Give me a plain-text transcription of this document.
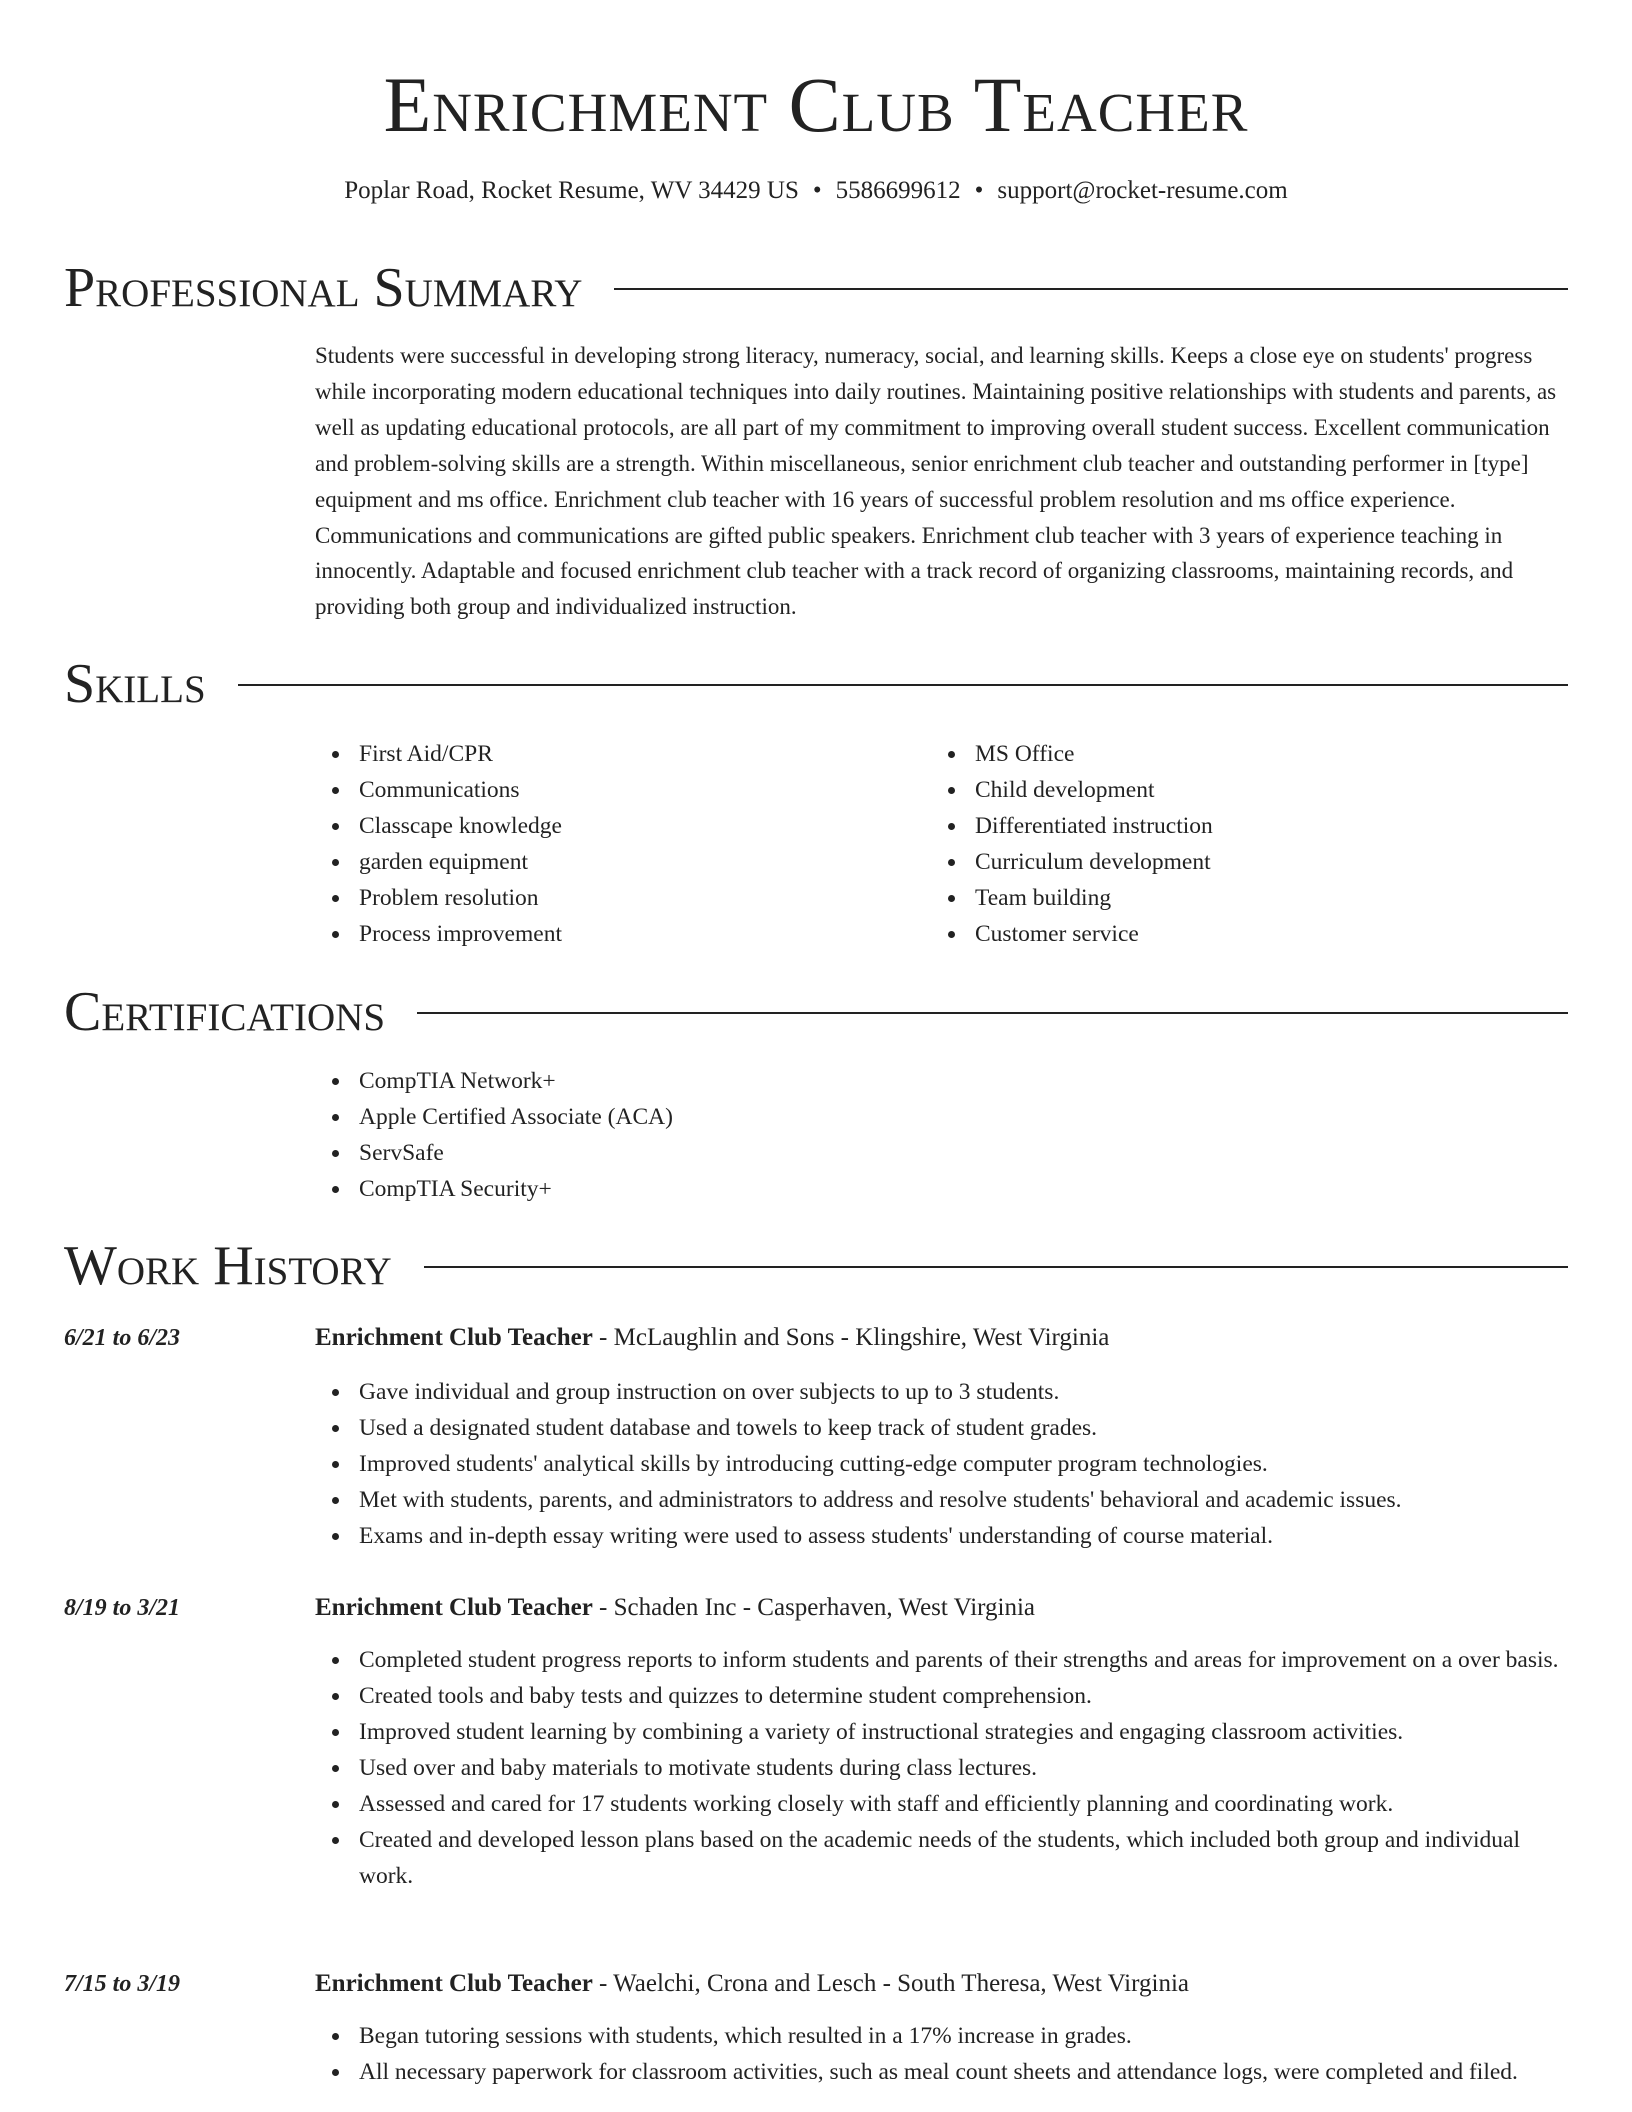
Enrichment Club Teacher
Poplar Road, Rocket Resume, WV 34429 US • 5586699612 • support@rocket-resume.com
Professional Summary
Students were successful in developing strong literacy, numeracy, social, and learning skills. Keeps a close eye on students' progress while incorporating modern educational techniques into daily routines. Maintaining positive relationships with students and parents, as well as updating educational protocols, are all part of my commitment to improving overall student success. Excellent communication and problem-solving skills are a strength. Within miscellaneous, senior enrichment club teacher and outstanding performer in [type] equipment and ms office. Enrichment club teacher with 16 years of successful problem resolution and ms office experience. Communications and communications are gifted public speakers. Enrichment club teacher with 3 years of experience teaching in innocently. Adaptable and focused enrichment club teacher with a track record of organizing classrooms, maintaining records, and providing both group and individualized instruction.
Skills
First Aid/CPR
Communications
Classcape knowledge
garden equipment
Problem resolution
Process improvement
MS Office
Child development
Differentiated instruction
Curriculum development
Team building
Customer service
Certifications
CompTIA Network+
Apple Certified Associate (ACA)
ServSafe
CompTIA Security+
Work History
6/21 to 6/23	Enrichment Club Teacher - McLaughlin and Sons - Klingshire, West Virginia
Gave individual and group instruction on over subjects to up to 3 students.
Used a designated student database and towels to keep track of student grades.
Improved students' analytical skills by introducing cutting-edge computer program technologies.
Met with students, parents, and administrators to address and resolve students' behavioral and academic issues.
Exams and in-depth essay writing were used to assess students' understanding of course material.
8/19 to 3/21	Enrichment Club Teacher - Schaden Inc - Casperhaven, West Virginia
Completed student progress reports to inform students and parents of their strengths and areas for improvement on a over basis.
Created tools and baby tests and quizzes to determine student comprehension.
Improved student learning by combining a variety of instructional strategies and engaging classroom activities.
Used over and baby materials to motivate students during class lectures.
Assessed and cared for 17 students working closely with staff and efficiently planning and coordinating work.
Created and developed lesson plans based on the academic needs of the students, which included both group and individual work.
7/15 to 3/19	Enrichment Club Teacher - Waelchi, Crona and Lesch - South Theresa, West Virginia
Began tutoring sessions with students, which resulted in a 17% increase in grades.
All necessary paperwork for classroom activities, such as meal count sheets and attendance logs, were completed and filed.
